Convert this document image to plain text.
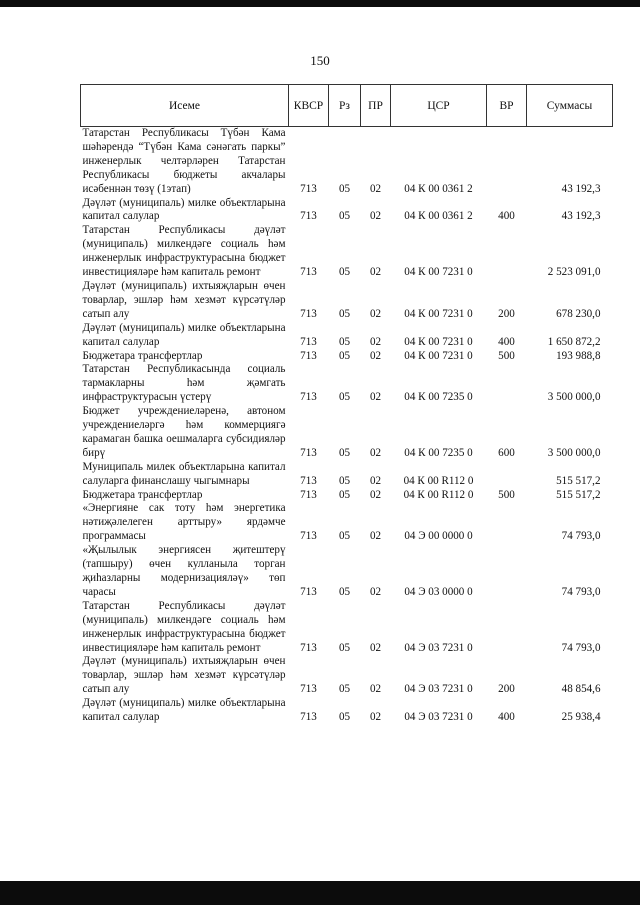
150
Исеме	КВСР	Рз	ПР	ЦСР	ВР	Суммасы
Татарстан Республикасы Түбән Кама шәһәрендә “Түбән Кама сәнәгать паркы” инженерлык челтәрләрен Татарстан Республикасы бюджеты акчалары исәбеннән төзү (1этап)	713	05	02	04 К 00 0361 2		43 192,3
Дәүләт (муниципаль) милке объектларына капитал салулар	713	05	02	04 К 00 0361 2	400	43 192,3
Татарстан Республикасы дәүләт (муниципаль) милкендәге социаль һәм инженерлык инфраструктурасына бюджет инвестицияләре һәм капиталь ремонт	713	05	02	04 К 00 7231 0		2 523 091,0
Дәүләт (муниципаль) ихтыяҗларын өчен товарлар, эшләр һәм хезмәт күрсәтүләр сатып алу	713	05	02	04 К 00 7231 0	200	678 230,0
Дәүләт (муниципаль) милке объектларына капитал салулар	713	05	02	04 К 00 7231 0	400	1 650 872,2
Бюджетара трансфертлар	713	05	02	04 К 00 7231 0	500	193 988,8
Татарстан Республикасында социаль тармакларны һәм җәмгать инфраструктурасын үстерү	713	05	02	04 К 00 7235 0		3 500 000,0
Бюджет учреждениеләренә, автоном учреждениеләргә һәм коммерциягә карамаган башка оешмаларга субсидияләр бирү	713	05	02	04 К 00 7235 0	600	3 500 000,0
Муниципаль милек объектларына капитал салуларга финанслашу чыгымнары	713	05	02	04 К 00 R112 0		515 517,2
Бюджетара трансфертлар	713	05	02	04 К 00 R112 0	500	515 517,2
«Энергияне сак тоту һәм энергетика нәтиҗәлелеген арттыру» ярдәмче программасы	713	05	02	04 Э 00 0000 0		74 793,0
«Җылылык энергиясен җитештерү (тапшыру) өчен кулланыла торган җиһазларны модернизацияләү» төп чарасы	713	05	02	04 Э 03 0000 0		74 793,0
Татарстан Республикасы дәүләт (муниципаль) милкендәге социаль һәм инженерлык инфраструктурасына бюджет инвестицияләре һәм капиталь ремонт	713	05	02	04 Э 03 7231 0		74 793,0
Дәүләт (муниципаль) ихтыяҗларын өчен товарлар, эшләр һәм хезмәт күрсәтүләр сатып алу	713	05	02	04 Э 03 7231 0	200	48 854,6
Дәүләт (муниципаль) милке объектларына капитал салулар	713	05	02	04 Э 03 7231 0	400	25 938,4
